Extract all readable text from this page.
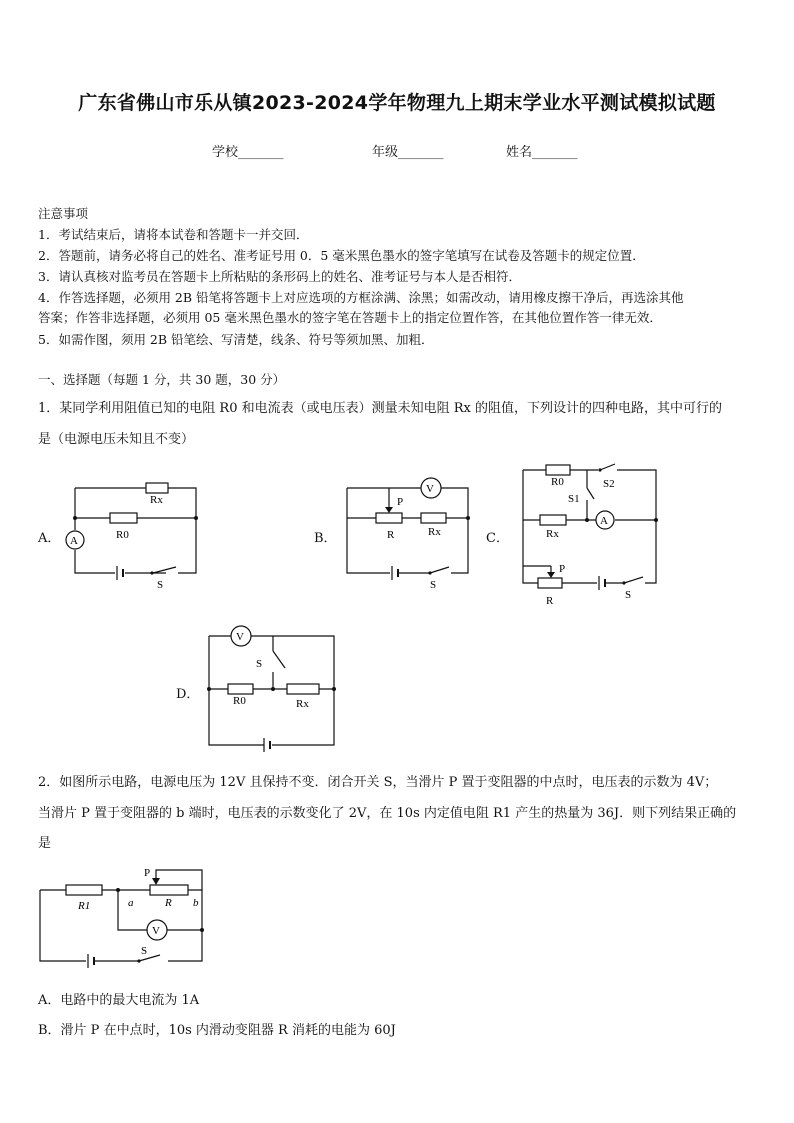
广东省佛山市乐从镇2023-2024学年物理九上期末学业水平测试模拟试题
学校_______	年级_______	姓名_______
注意事项
1．考试结束后，请将本试卷和答题卡一并交回．
2．答题前，请务必将自己的姓名、准考证号用 0．5 毫米黑色墨水的签字笔填写在试卷及答题卡的规定位置．
3．请认真核对监考员在答题卡上所粘贴的条形码上的姓名、准考证号与本人是否相符．
4．作答选择题，必须用 2B 铅笔将答题卡上对应选项的方框涂满、涂黑；如需改动，请用橡皮擦干净后，再选涂其他
答案；作答非选择题，必须用 05 毫米黑色墨水的签字笔在答题卡上的指定位置作答，在其他位置作答一律无效．
5．如需作图，须用 2B 铅笔绘、写清楚，线条、符号等须加黑、加粗．
一、选择题（每题 1 分，共 30 题，30 分）
1．某同学利用阻值已知的电阻 R0 和电流表（或电压表）测量未知电阻 Rx 的阻值，下列设计的四种电路，其中可行的
是（电源电压未知且不变）
A．	B．	C．
D．
Rx
A	R0
S
V
P
R	Rx
S
R0	S2
S1
Rx
A
P
R	S
V
R0	Rx
S
R1	R
a	b
P
V
S
2．如图所示电路，电源电压为 12V 且保持不变．闭合开关 S，当滑片 P 置于变阻器的中点时，电压表的示数为 4V；
当滑片 P 置于变阻器的 b 端时，电压表的示数变化了 2V，在 10s 内定值电阻 R1 产生的热量为 36J．则下列结果正确的
是
A．电路中的最大电流为 1A
B．滑片 P 在中点时，10s 内滑动变阻器 R 消耗的电能为 60J
